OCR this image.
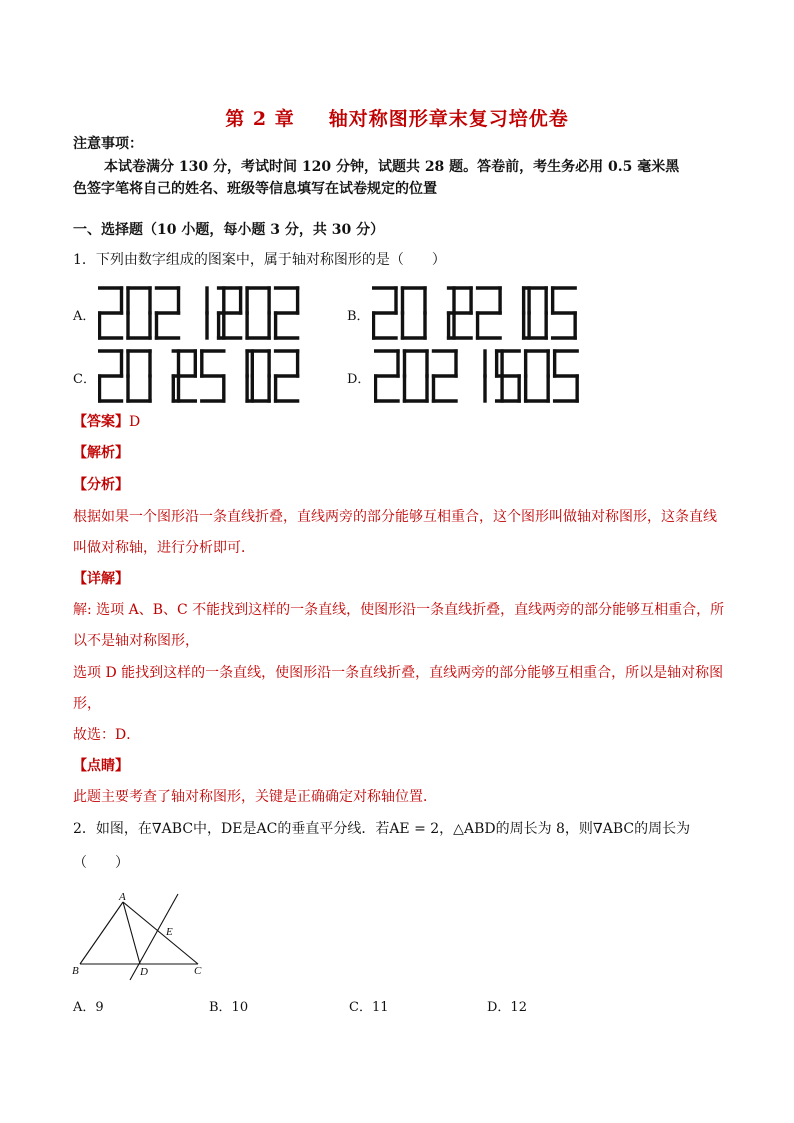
第 2 章 轴对称图形章末复习培优卷
注意事项：
本试卷满分 130 分，考试时间 120 分钟，试题共 28 题。答卷前，考生务必用 0.5 毫米黑
色签字笔将自己的姓名、班级等信息填写在试卷规定的位置
一、选择题（10 小题，每小题 3 分，共 30 分）
1．下列由数字组成的图案中，属于轴对称图形的是（　　）
A．	B．
C．	D．
【答案】D
【解析】
【分析】
根据如果一个图形沿一条直线折叠，直线两旁的部分能够互相重合，这个图形叫做轴对称图形，这条直线
叫做对称轴，进行分析即可．
【详解】
解: 选项 A、B、C 不能找到这样的一条直线，使图形沿一条直线折叠，直线两旁的部分能够互相重合，所
以不是轴对称图形，
选项 D 能找到这样的一条直线，使图形沿一条直线折叠，直线两旁的部分能够互相重合，所以是轴对称图
形，
故选：D．
【点睛】
此题主要考查了轴对称图形，关键是正确确定对称轴位置．
2．如图，在∇ABC中，DE是AC的垂直平分线．若AE = 2，△ABD的周长为 8，则∇ABC的周长为
（　　）
A
B	C
D
E
A．9	B．10	C．11	D．12
